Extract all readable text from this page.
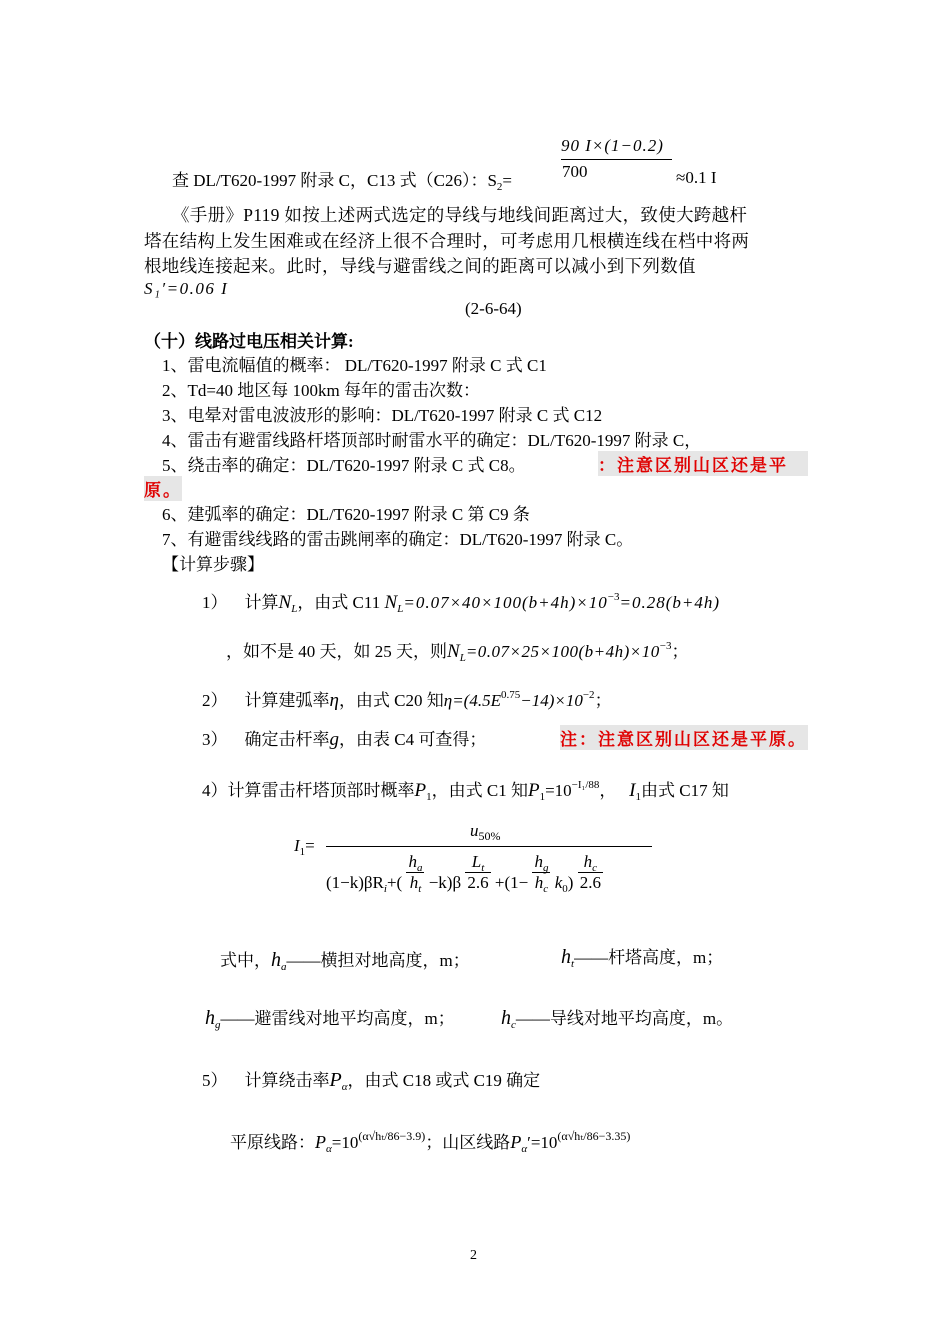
90 I×(1−0.2)
查 DL/T620-1997 附录 C，C13 式（C26）：$S_2=$	700	≈0.1 I
《手册》P119 如按上述两式选定的导线与地线间距离过大，致使大跨越杆
塔在结构上发生困难或在经济上很不合理时，可考虑用几根横连线在档中将两
根地线连接起来。此时，导线与避雷线之间的距离可以减小到下列数值
S₁′=0.06 I
(2-6-64)
（十）线路过电压相关计算:
1、雷电流幅值的概率： DL/T620-1997 附录 C 式 C1
2、Td=40 地区每 100km 每年的雷击次数：
3、电晕对雷电波波形的影响：DL/T620-1997 附录 C 式 C12
4、雷击有避雷线路杆塔顶部时耐雷水平的确定：DL/T620-1997 附录 C，
5、绕击率的确定：DL/T620-1997 附录 C 式 C8。	：注意区别山区还是平
原。
6、建弧率的确定：DL/T620-1997 附录 C 第 C9 条
7、有避雷线线路的雷击跳闸率的确定：DL/T620-1997 附录 C。
【计算步骤】
1） 计算$N_L$，由式 C11 $N_L=0.07\times 40\times 100(b+4h)\times 10^{-3}=0.28(b+4h)$
，如不是 40 天，如 25 天，则$N_L=0.07\times 25\times 100(b+4h)\times 10^{-3}$；
2） 计算建弧率η，由式 C20 知$\eta=(4.5E^{0.75}-14)\times 10^{-2}$；
3） 确定击杆率g，由表 C4 可查得；	注：注意区别山区还是平原。
4）计算雷击杆塔顶部时概率$P_1$，由式 C1 知$P_1=10^{-I_1/88}$， $I_1$由式 C17 知
$I_1=$
$u_{50\%}$
$(1-k)\beta R_i+( \frac{h_a}{h_t} -k)\beta \frac{L_t}{2.6} +(1- \frac{h_g}{h_c} k_0) \frac{h_c}{2.6}$
式中，$h_a——$横担对地高度，m；	$h_t——$杆塔高度，m；
$h_g——$避雷线对地平均高度，m； $h_c——$导线对地平均高度，m。
5） 计算绕击率$P_\alpha$，由式 C18 或式 C19 确定
平原线路：$P_\alpha=10^{(\alpha√h_t/86-3.9)}$；山区线路$P_\alpha'=10^{(\alpha√h_t/86-3.35)}$
2
